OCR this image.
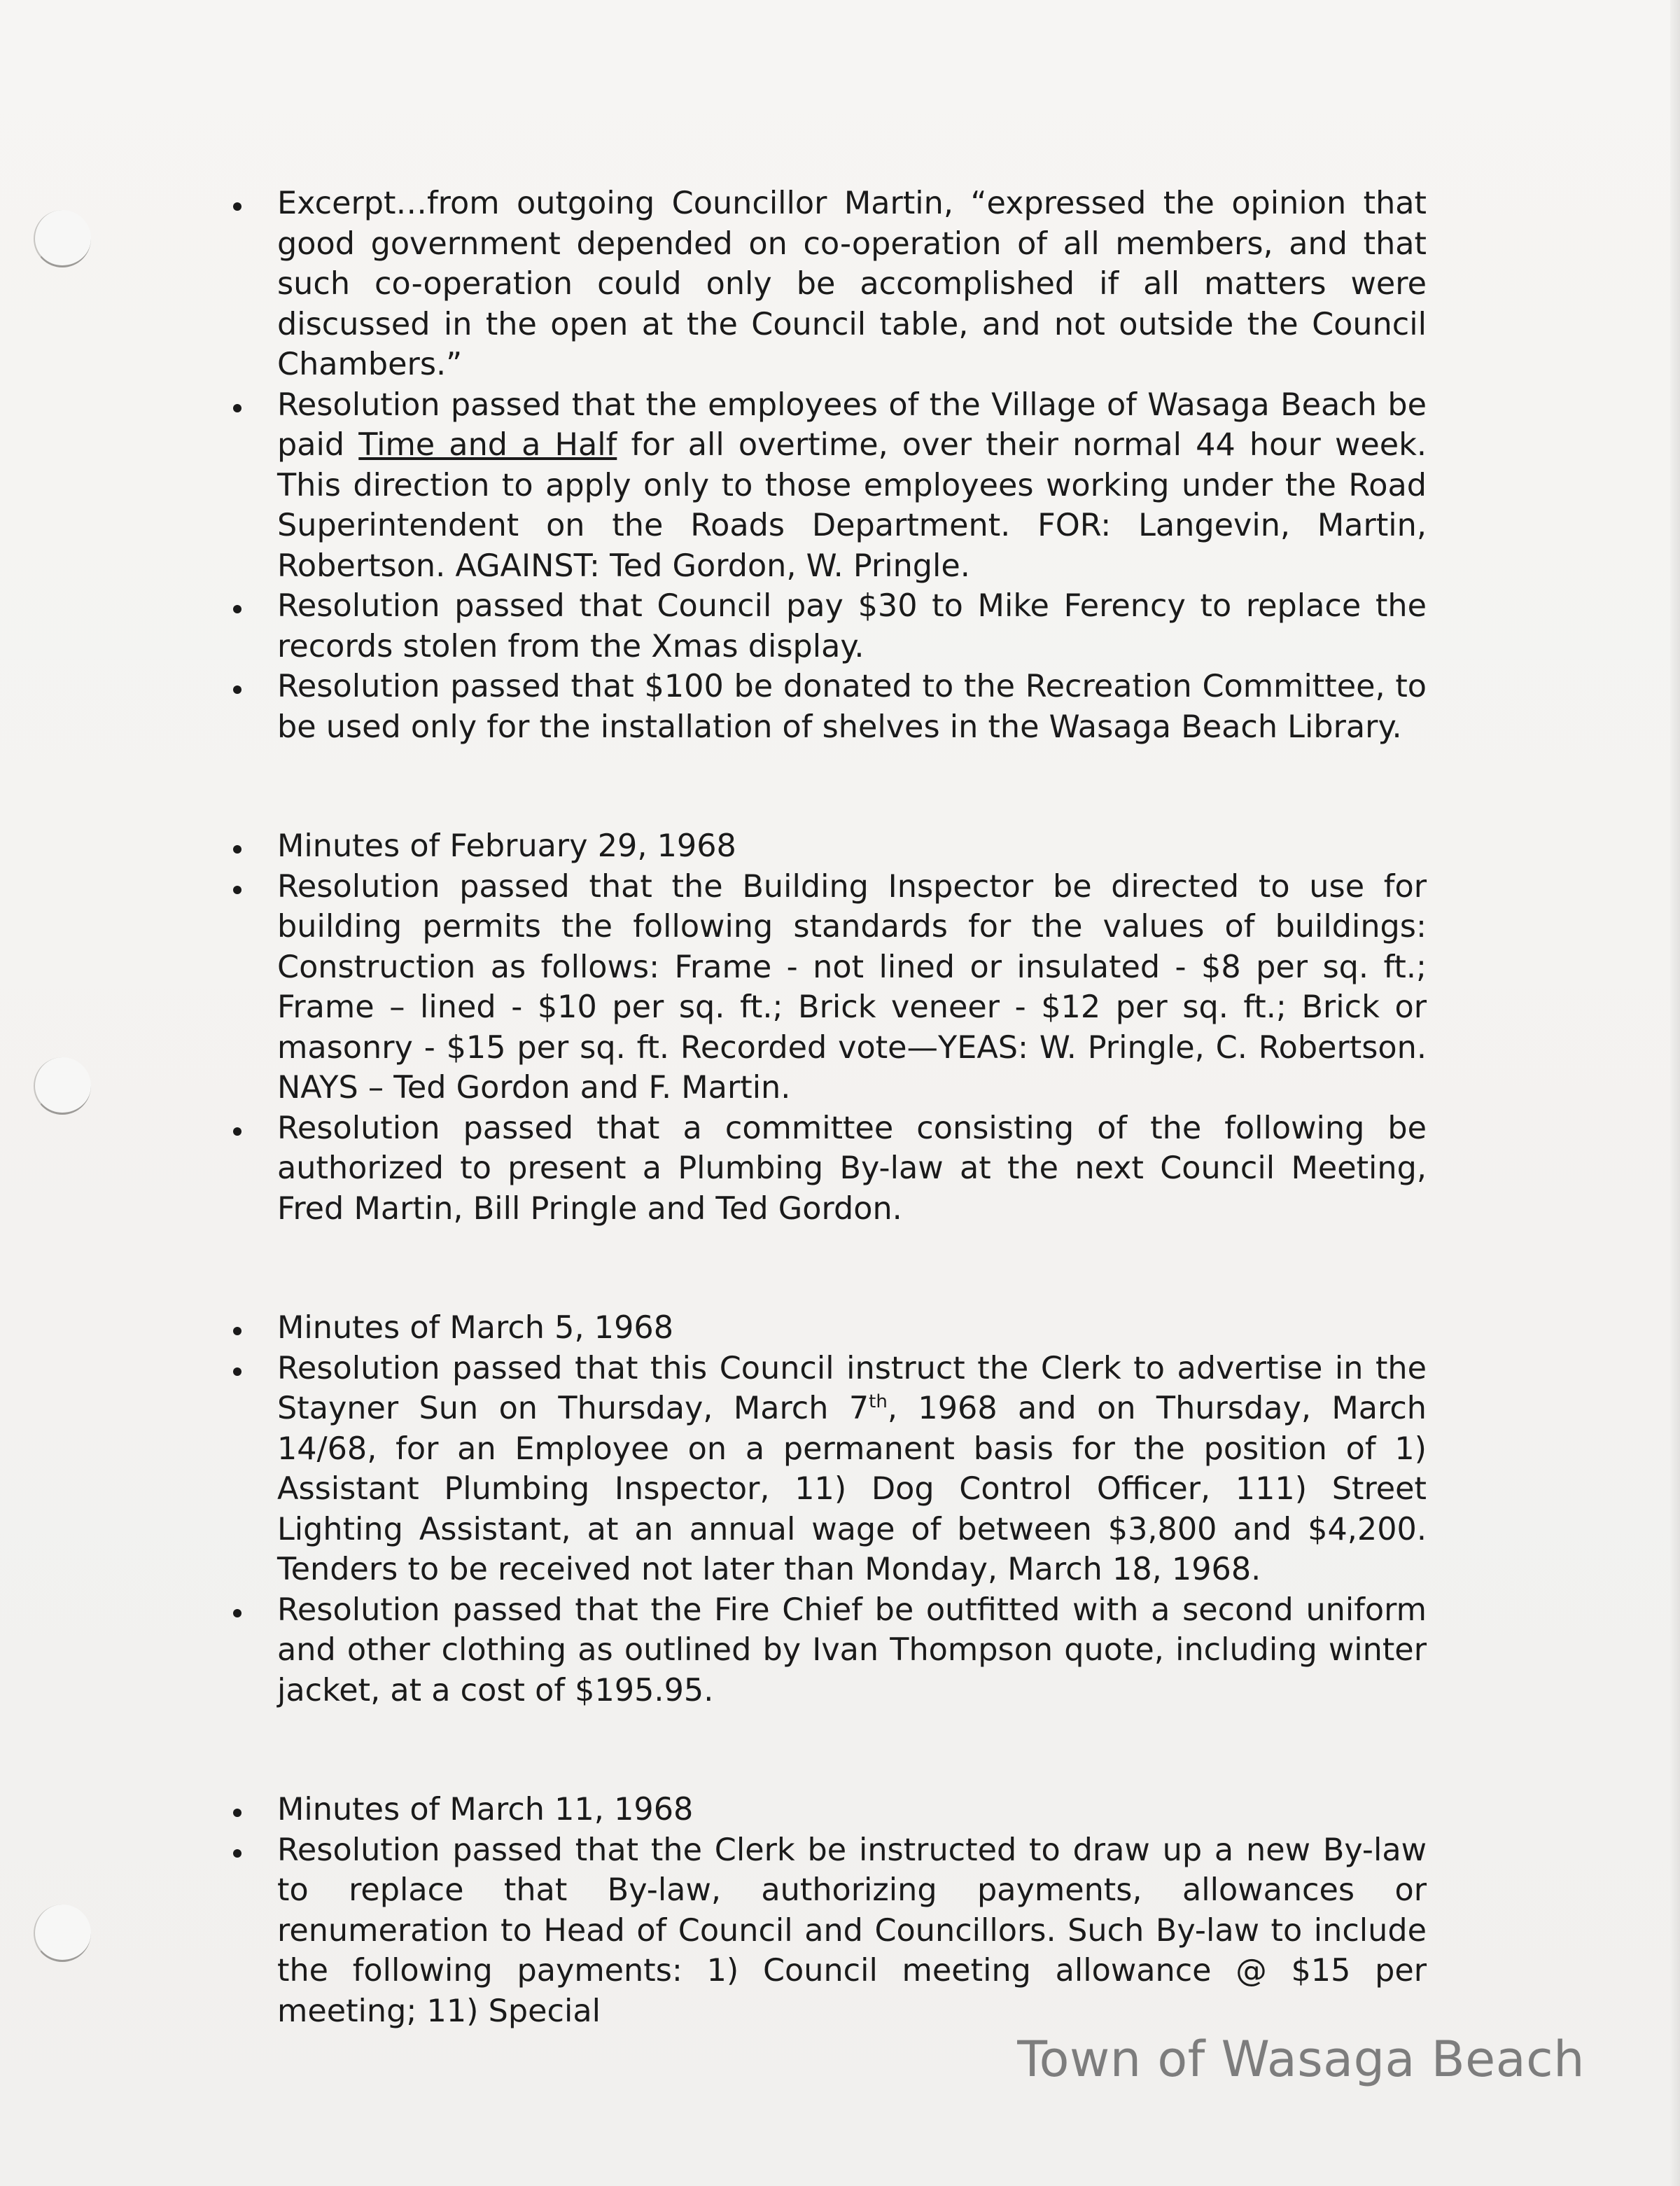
Excerpt…from outgoing Councillor Martin, “expressed the opinion that good government depended on co-operation of all members, and that such co-operation could only be accomplished if all matters were discussed in the open at the Council table, and not outside the Council Chambers.”
Resolution passed that the employees of the Village of Wasaga Beach be paid Time and a Half for all overtime, over their normal 44 hour week. This direction to apply only to those employees working under the Road Superintendent on the Roads Department. FOR: Langevin, Martin, Robertson. AGAINST: Ted Gordon, W. Pringle.
Resolution passed that Council pay $30 to Mike Ferency to replace the records stolen from the Xmas display.
Resolution passed that $100 be donated to the Recreation Committee, to be used only for the installation of shelves in the Wasaga Beach Library.
Minutes of February 29, 1968
Resolution passed that the Building Inspector be directed to use for building permits the following standards for the values of buildings: Construction as follows: Frame - not lined or insulated - $8 per sq. ft.; Frame – lined - $10 per sq. ft.; Brick veneer - $12 per sq. ft.; Brick or masonry - $15 per sq. ft. Recorded vote—YEAS: W. Pringle, C. Robertson. NAYS – Ted Gordon and F. Martin.
Resolution passed that a committee consisting of the following be authorized to present a Plumbing By-law at the next Council Meeting, Fred Martin, Bill Pringle and Ted Gordon.
Minutes of March 5, 1968
Resolution passed that this Council instruct the Clerk to advertise in the Stayner Sun on Thursday, March 7th, 1968 and on Thursday, March 14/68, for an Employee on a permanent basis for the position of 1) Assistant Plumbing Inspector, 11) Dog Control Officer, 111) Street Lighting Assistant, at an annual wage of between $3,800 and $4,200. Tenders to be received not later than Monday, March 18, 1968.
Resolution passed that the Fire Chief be outfitted with a second uniform and other clothing as outlined by Ivan Thompson quote, including winter jacket, at a cost of $195.95.
Minutes of March 11, 1968
Resolution passed that the Clerk be instructed to draw up a new By-law to replace that By-law, authorizing payments, allowances or renumeration to Head of Council and Councillors. Such By-law to include the following payments: 1) Council meeting allowance @ $15 per meeting; 11) Special
Town of Wasaga Beach
